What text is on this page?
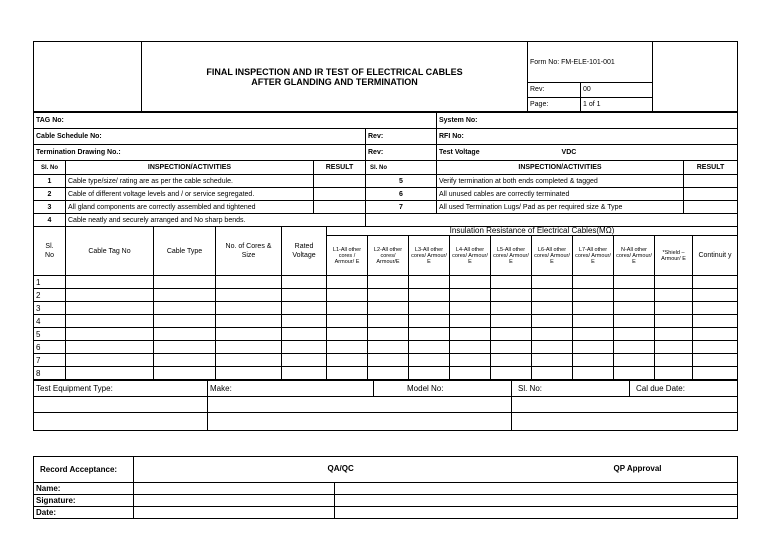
	FINAL INSPECTION AND IR TEST OF ELECTRICAL CABLES
AFTER GLANDING AND TERMINATION	Form No: FM-ELE-101-001		
		Rev:	00	
		Page:	1 of 1	
TAG No:		System No:
Cable Schedule No:	Rev:	RFI No:
Termination Drawing No.:	Rev:	Test Voltage VDC
Sl. No	INSPECTION/ACTIVITIES	RESULT	Sl. No	INSPECTION/ACTIVITIES	RESULT
1	Cable type/size/ rating are as per the cable schedule.		5	Verify termination at both ends completed & tagged	
2	Cable of different voltage levels and / or service segregated.		6	All unused cables are correctly terminated	
3	All gland components are correctly assembled and tightened		7	All used Termination Lugs/ Pad as per required size & Type	
4	Cable neatly and securely arranged and No sharp bends.				
Sl.
No	Cable Tag No	Cable Type	No. of Cores & Size	Rated Voltage	Insulation Resistance of Electrical Cables(MΩ)									
					L1-All other cores / Armour/ E	L2-All other cores/ Armour/E	L3-All other cores/ Armour/ E	L4-All other cores/ Armour/ E	L5-All other cores/ Armour/ E	L6-All other cores/ Armour/ E	L7-All other cores/ Armour/ E	N-All other cores/ Armour/ E	*Shield – Armour/ E	Continuit y
1														
2														
3														
4														
5														
6														
7														
8														
Test Equipment Type:	Make:	Model No:	Sl. No:	Cal due Date:

Record Acceptance:	QA/QC QP Approval	

Name:		
Signature:		
Date:		
